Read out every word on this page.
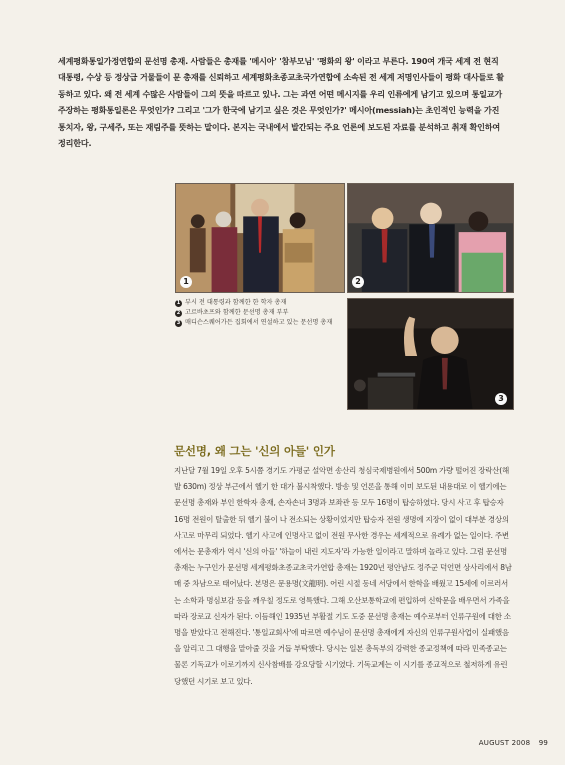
세계평화통일가정연합의 문선명 총재. 사람들은 총재를 '메시아' '참부모님' '평화의 왕' 이라고 부른다. 190여 개국 세계 전 현직 대통령, 수상 등 정상급 거물들이 문 총재를 신뢰하고 세계평화초종교초국가연합에 소속된 전 세계 저명인사들이 평화 대사들로 활동하고 있다. 왜 전 세계 수많은 사람들이 그의 뜻을 따르고 있나. 그는 과연 어떤 메시지를 우리 인류에게 남기고 있으며 통일교가 주장하는 평화통일론은 무엇인가? 그리고 '그가 한국에 남기고 싶은 것은 무엇인가?' 메시아(messiah)는 초인적인 능력을 가진 통치자, 왕, 구세주, 또는 재림주를 뜻하는 말이다. 본지는 국내에서 발간되는 주요 언론에 보도된 자료를 분석하고 취재 확인하여 정리한다.

1	2
3
1 부시 전 대통령과 함께한 한 학자 총재
2 고르바초프와 함께한 문선명 총재 부부
3 매디슨스퀘어가든 집회에서 연설하고 있는 문선명 총재
문선명, 왜 그는 '신의 아들' 인가

지난달 7월 19일 오후 5시쯤 경기도 가평군 설악면 송산리 청심국제병원에서 500m 가량 떨어진 장락산(해발 630m) 정상 부근에서 헬기 한 대가 불시착했다. 방송 및 언론을 통해 이미 보도된 내용대로 이 헬기에는 문선명 총재와 부인 한학자 총재, 손자손녀 3명과 보좌관 등 모두 16명이 탑승하였다. 당시 사고 후 탑승자 16명 전원이 탈출한 뒤 헬기 불이 나 전소되는 상황이었지만 탑승자 전원 생명에 지장이 없이 대부분 경상의 사고로 마무리 되었다. 헬기 사고에 인명사고 없이 전원 무사한 경우는 세계적으로 유례가 없는 일이다. 주변에서는 문총재가 역시 '신의 아들' '하늘이 내린 지도자'라 가능한 일이라고 말하며 놀라고 있다. 그럼 문선명 총재는 누구인가 문선명 세계평화초종교초국가연합 총재는 1920년 평안남도 정주군 덕언면 상사리에서 8남매 중 차남으로 태어났다. 본명은 문용명(文龍明). 어린 시절 동네 서당에서 한학을 배웠고 15세에 이르러서는 소학과 명심보감 등을 깨우칠 정도로 영특했다. 그해 오산보통학교에 편입하여 신학문을 배우면서 가족을 따라 장로교 신자가 된다. 이듬해인 1935년 부활절 기도 도중 문선명 총재는 예수로부터 인류구원에 대한 소명을 받았다고 전해진다. '통일교회사'에 따르면 예수님이 문선명 총재에게 자신의 인류구원사업이 실패했음을 알리고 그 대행을 맡아줄 것을 거듭 부탁했다. 당시는 일본 총독부의 강력한 종교정책에 따라 민족종교는 물론 기독교가 이로기까지 신사참배를 강요당할 시기였다. 기독교계는 이 시기를 종교적으로 철저하게 유린당했던 시기로 보고 있다.

AUGUST 2008 99
